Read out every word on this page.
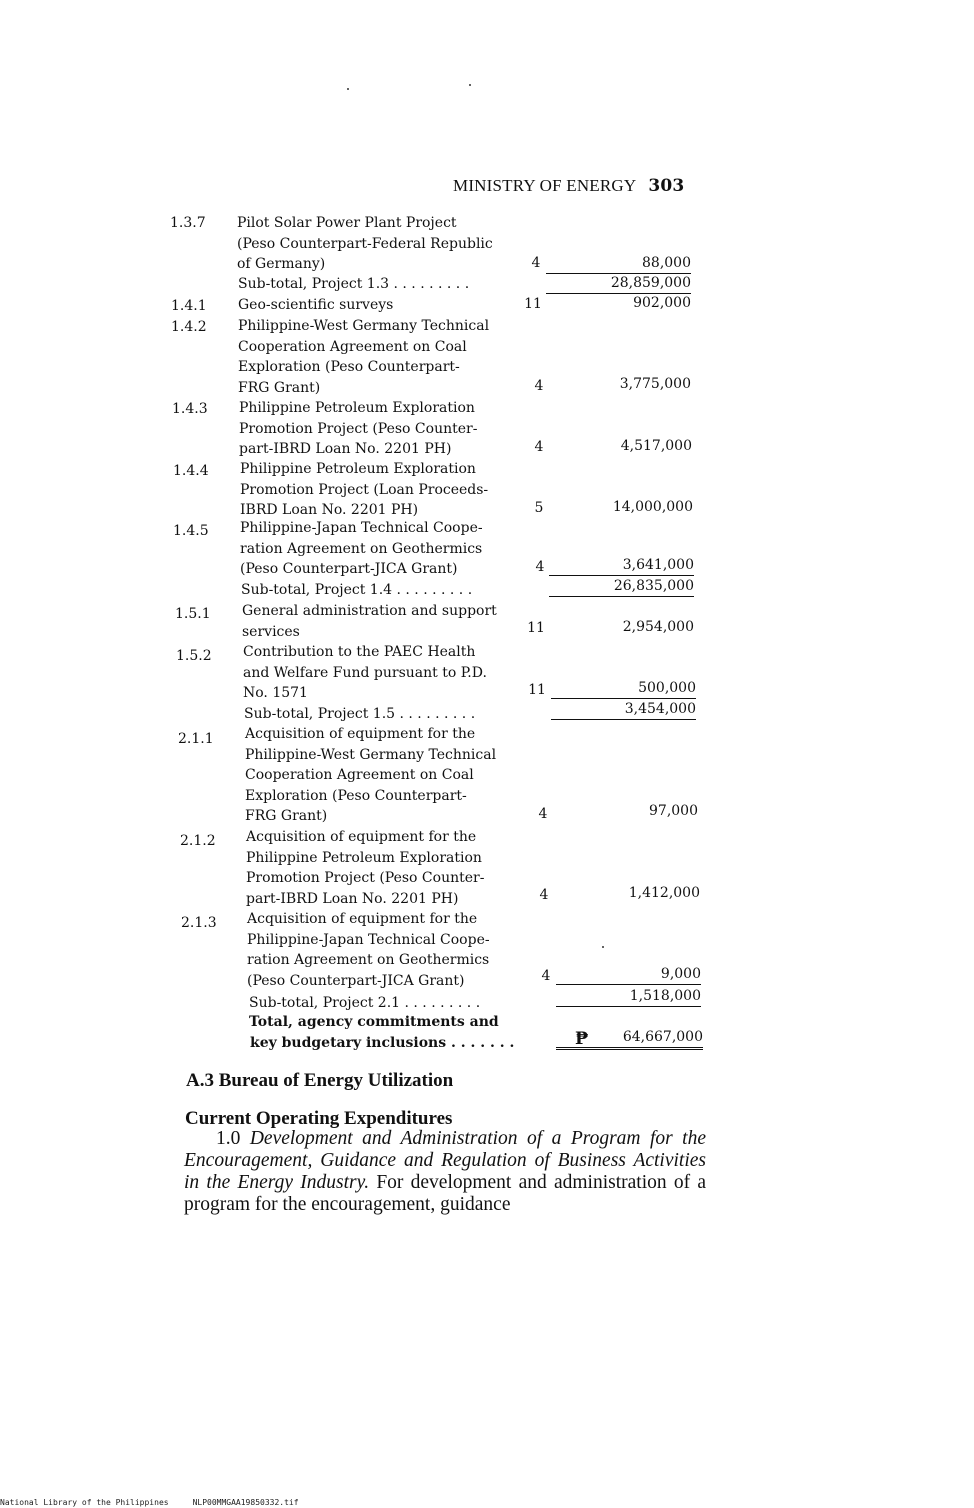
MINISTRY OF ENERGY 303
1.3.7 Pilot Solar Power Plant Project
(Peso Counterpart-Federal Republic
of Germany)	4	88,000
Sub-total, Project 1.3 . . . . . . . . .	28,859,000
1.4.1 Geo-scientific surveys	11	902,000
1.4.2 Philippine-West Germany Technical
Cooperation Agreement on Coal
Exploration (Peso Counterpart-
FRG Grant)	4	3,775,000
1.4.3 Philippine Petroleum Exploration
Promotion Project (Peso Counter-
part-IBRD Loan No. 2201 PH)	4	4,517,000
1.4.4 Philippine Petroleum Exploration
Promotion Project (Loan Proceeds-
IBRD Loan No. 2201 PH)	5	14,000,000
1.4.5 Philippine-Japan Technical Coope-
ration Agreement on Geothermics
(Peso Counterpart-JICA Grant)	4	3,641,000
Sub-total, Project 1.4 . . . . . . . . .	26,835,000
1.5.1 General administration and support
services	11	2,954,000
1.5.2 Contribution to the PAEC Health
and Welfare Fund pursuant to P.D.
No. 1571	11	500,000
Sub-total, Project 1.5 . . . . . . . . .	3,454,000
2.1.1 Acquisition of equipment for the
Philippine-West Germany Technical
Cooperation Agreement on Coal
Exploration (Peso Counterpart-
FRG Grant)	4	97,000
2.1.2 Acquisition of equipment for the
Philippine Petroleum Exploration
Promotion Project (Peso Counter-
part-IBRD Loan No. 2201 PH)	4	1,412,000
2.1.3 Acquisition of equipment for the
Philippine-Japan Technical Coope-
ration Agreement on Geothermics
(Peso Counterpart-JICA Grant)	4	9,000
Sub-total, Project 2.1 . . . . . . . . .	1,518,000
Total, agency commitments and
key budgetary inclusions . . . . . . .	₱	64,667,000
A.3 Bureau of Energy Utilization
Current Operating Expenditures
1.0 Development and Administration of a Program for the Encouragement, Guidance and Regulation of Business Activities in the Energy Industry. For development and administration of a program for the encouragement, guidance
National Library of the Philippines	NLP00MMGAA19850332.tif
